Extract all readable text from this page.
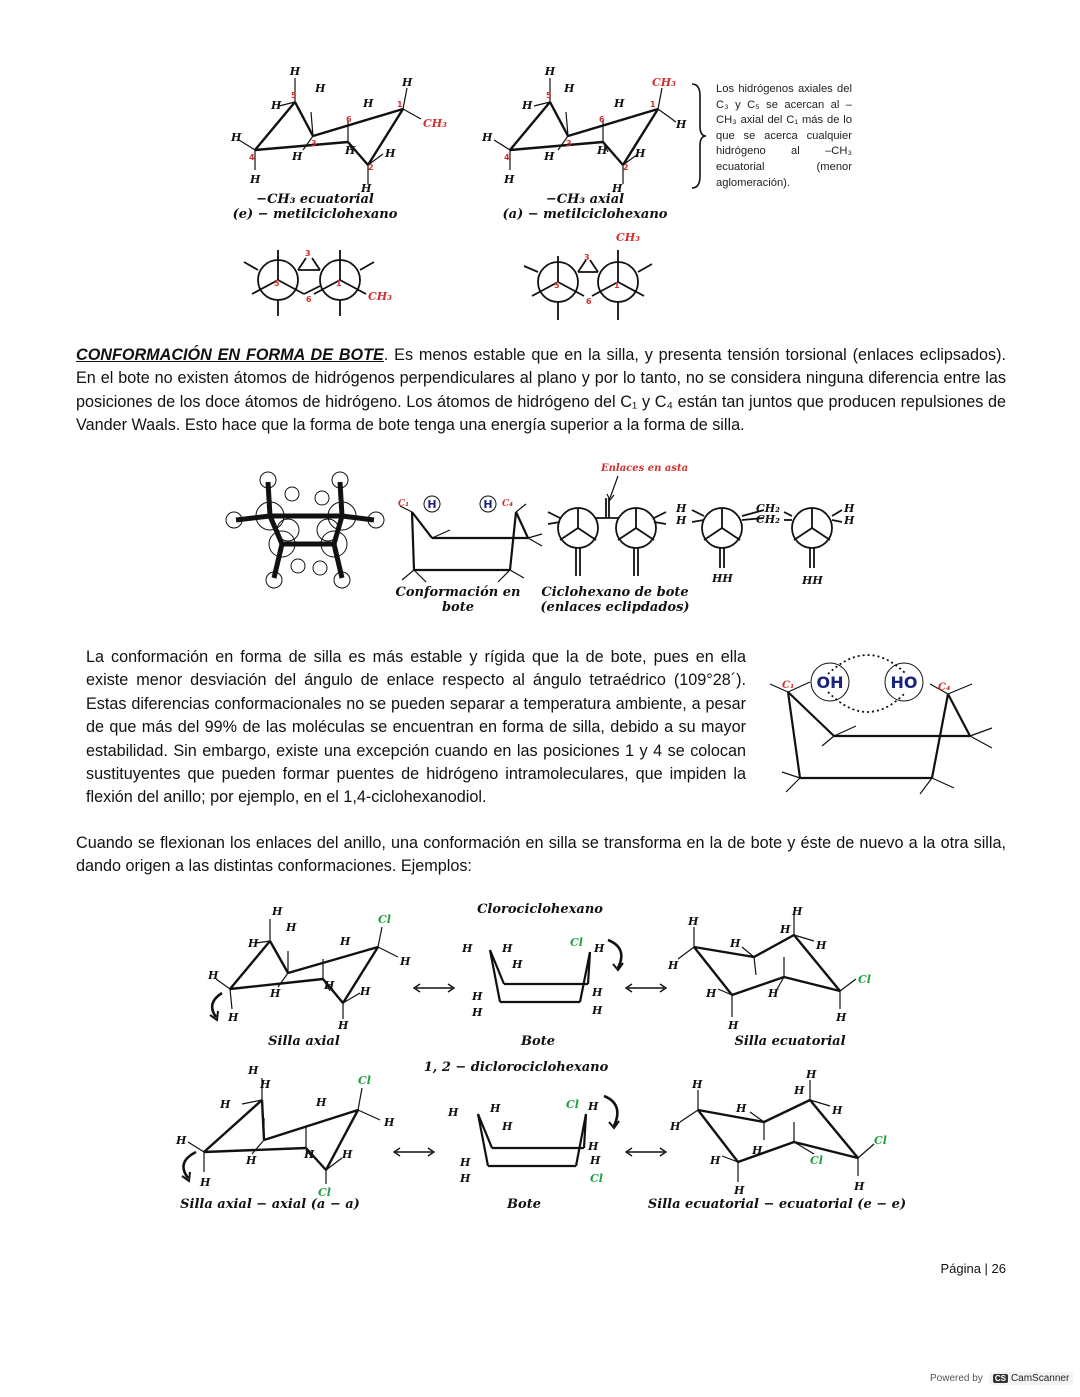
H
H
H
H
H
H
H
H	H
H
H
CH₃
5
4
3
2
1
6
−CH₃ ecuatorial
(e) − metilciclohexano
H
H
H
H
H
H
H
H	H
H
H
CH₃
5
4
3
2
1
6
−CH₃ axial
(a) − metilciclohexano
Los hidrógenos axiales del C₃ y C₅ se acercan al –CH₃ axial del C₁ más de lo que se acerca cualquier hidrógeno al –CH₃ ecuatorial (menor aglomeración).
3
5	1
6	CH₃
3
5	1
6
CH₃
CONFORMACIÓN EN FORMA DE BOTE. Es menos estable que en la silla, y presenta tensión torsional (enlaces eclipsados). En el bote no existen átomos de hidrógenos perpendiculares al plano y por lo tanto, no se considera ninguna diferencia entre las posiciones de los doce átomos de hidrógeno. Los átomos de hidrógeno del C₁ y C₄ están tan juntos que producen repulsiones de Vander Waals. Esto hace que la forma de bote tenga una energía superior a la forma de silla.
C₁ H	H C₄
Conformación en bote
Enlaces en asta
Ciclohexano de bote
(enlaces eclipdados)
H
H
CH₂
CH₂
H
H
HH	HH
La conformación en forma de silla es más estable y rígida que la de bote, pues en ella existe menor desviación del ángulo de enlace respecto al ángulo tetraédrico (109°28´). Estas diferencias conformacionales no se pueden separar a temperatura ambiente, a pesar de que más del 99% de las moléculas se encuentran en forma de silla, debido a su mayor estabilidad. Sin embargo, existe una excepción cuando en las posiciones 1 y 4 se colocan sustituyentes que pueden formar puentes de hidrógeno intramoleculares, que impiden la flexión del anillo; por ejemplo, en el 1,4-ciclohexanodiol.
OH	HO
C₁	C₄
Cuando se flexionan los enlaces del anillo, una conformación en silla se transforma en la de bote y éste de nuevo a la otra silla, dando origen a las distintas conformaciones. Ejemplos:
Clorociclohexano
H
H
H
H
H
H
H
H H
H
H
Cl
Silla axial
H	H
H
H
H
H
H
H
Cl
Bote
H
H
H
H
H
H
H
H
H
H
Cl
Silla ecuatorial
1, 2 − diclorociclohexano
H
H
H
H
H
H
H
H	H
H
Cl
Cl
Silla axial − axial (a − a)
H	H
H
H
H
H
H
H
Cl
Cl
Bote
H
H
H
H
H
H
H
H
H
H
Cl
Cl
Silla ecuatorial − ecuatorial (e − e)
Página | 26
Powered by CS CamScanner
